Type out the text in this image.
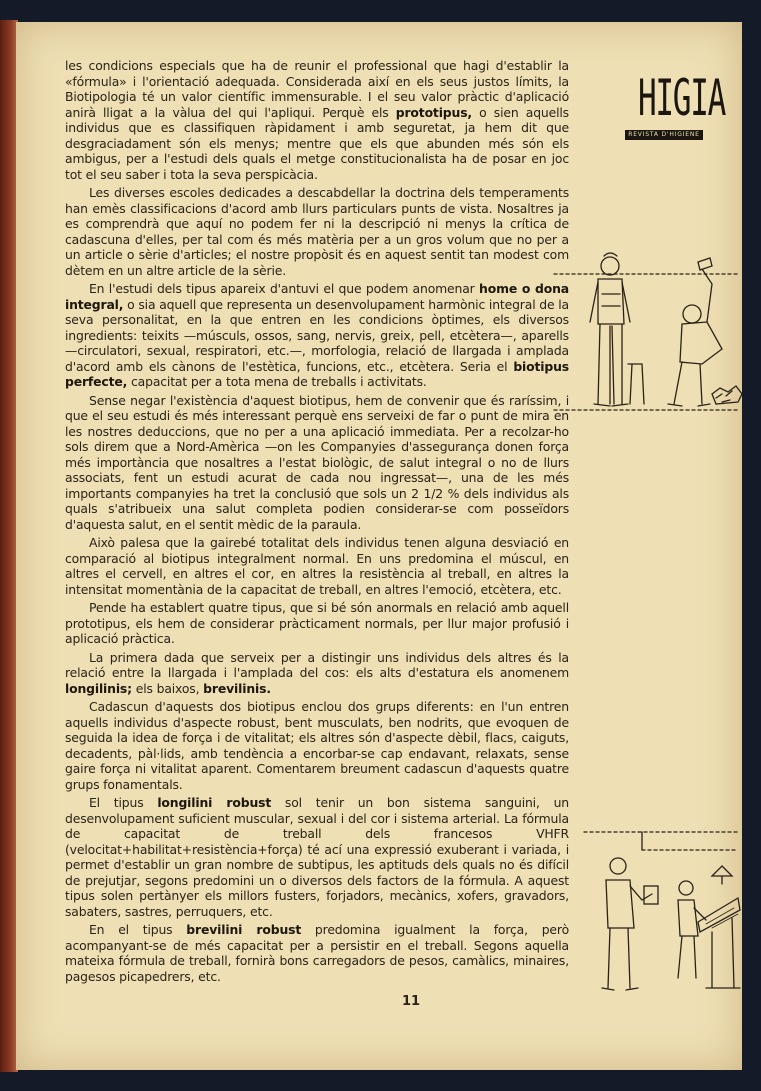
HIGIA
REVISTA D'HIGIENE

les condicions especials que ha de reunir el professional que hagi d'establir la «fórmula» i l'orientació adequada. Considerada així en els seus justos límits, la Biotipologia té un valor científic immensurable. I el seu valor pràctic d'aplicació anirà lligat a la vàlua del qui l'apliqui. Perquè els prototipus, o sien aquells individus que es classifiquen ràpidament i amb seguretat, ja hem dit que desgraciadament són els menys; mentre que els que abunden més són els ambigus, per a l'estudi dels quals el metge constitucionalista ha de posar en joc tot el seu saber i tota la seva perspicàcia.

Les diverses escoles dedicades a descabdellar la doctrina dels temperaments han emès classificacions d'acord amb llurs particulars punts de vista. Nosaltres ja es comprendrà que aquí no podem fer ni la descripció ni menys la crítica de cadascuna d'elles, per tal com és més matèria per a un gros volum que no per a un article o sèrie d'articles; el nostre propòsit és en aquest sentit tan modest com dètem en un altre article de la sèrie.

En l'estudi dels tipus apareix d'antuvi el que podem anomenar home o dona integral, o sia aquell que representa un desenvolupament harmònic integral de la seva personalitat, en la que entren en les condicions òptimes, els diversos ingredients: teixits —músculs, ossos, sang, nervis, greix, pell, etcètera—, aparells —circulatori, sexual, respiratori, etc.—, morfologia, relació de llargada i amplada d'acord amb els cànons de l'estètica, funcions, etc., etcètera. Seria el biotipus perfecte, capacitat per a tota mena de treballs i activitats.

Sense negar l'existència d'aquest biotipus, hem de convenir que és raríssim, i que el seu estudi és més interessant perquè ens serveixi de far o punt de mira en les nostres deduccions, que no per a una aplicació immediata. Per a recolzar-ho sols direm que a Nord-Amèrica —on les Companyies d'assegurança donen força més importància que nosaltres a l'estat biològic, de salut integral o no de llurs associats, fent un estudi acurat de cada nou ingressat—, una de les més importants companyies ha tret la conclusió que sols un 2 1/2 % dels individus als quals s'atribueix una salut completa podien considerar-se com posseïdors d'aquesta salut, en el sentit mèdic de la paraula.

Això palesa que la gairebé totalitat dels individus tenen alguna desviació en comparació al biotipus integralment normal. En uns predomina el múscul, en altres el cervell, en altres el cor, en altres la resistència al treball, en altres la intensitat momentània de la capacitat de treball, en altres l'emoció, etcètera, etc.

Pende ha establert quatre tipus, que si bé són anormals en relació amb aquell prototipus, els hem de considerar pràcticament normals, per llur major profusió i aplicació pràctica.

La primera dada que serveix per a distingir uns individus dels altres és la relació entre la llargada i l'amplada del cos: els alts d'estatura els anomenem longilinis; els baixos, brevilinis.

Cadascun d'aquests dos biotipus enclou dos grups diferents: en l'un entren aquells individus d'aspecte robust, bent musculats, ben nodrits, que evoquen de seguida la idea de força i de vitalitat; els altres són d'aspecte dèbil, flacs, caiguts, decadents, pàl·lids, amb tendència a encorbar-se cap endavant, relaxats, sense gaire força ni vitalitat aparent. Comentarem breument cadascun d'aquests quatre grups fonamentals.

El tipus longilini robust sol tenir un bon sistema sanguini, un desenvolupament suficient muscular, sexual i del cor i sistema arterial. La fórmula de capacitat de treball dels francesos VHFR (velocitat+habilitat+resistència+força) té ací una expressió exuberant i variada, i permet d'establir un gran nombre de subtipus, les aptituds dels quals no és difícil de prejutjar, segons predomini un o diversos dels factors de la fórmula. A aquest tipus solen pertànyer els millors fusters, forjadors, mecànics, xofers, gravadors, sabaters, sastres, perruquers, etc.

En el tipus brevilini robust predomina igualment la força, però acompanyant-se de més capacitat per a persistir en el treball. Segons aquella mateixa fórmula de treball, fornirà bons carregadors de pesos, camàlics, minaires, pagesos picapedrers, etc.

11
